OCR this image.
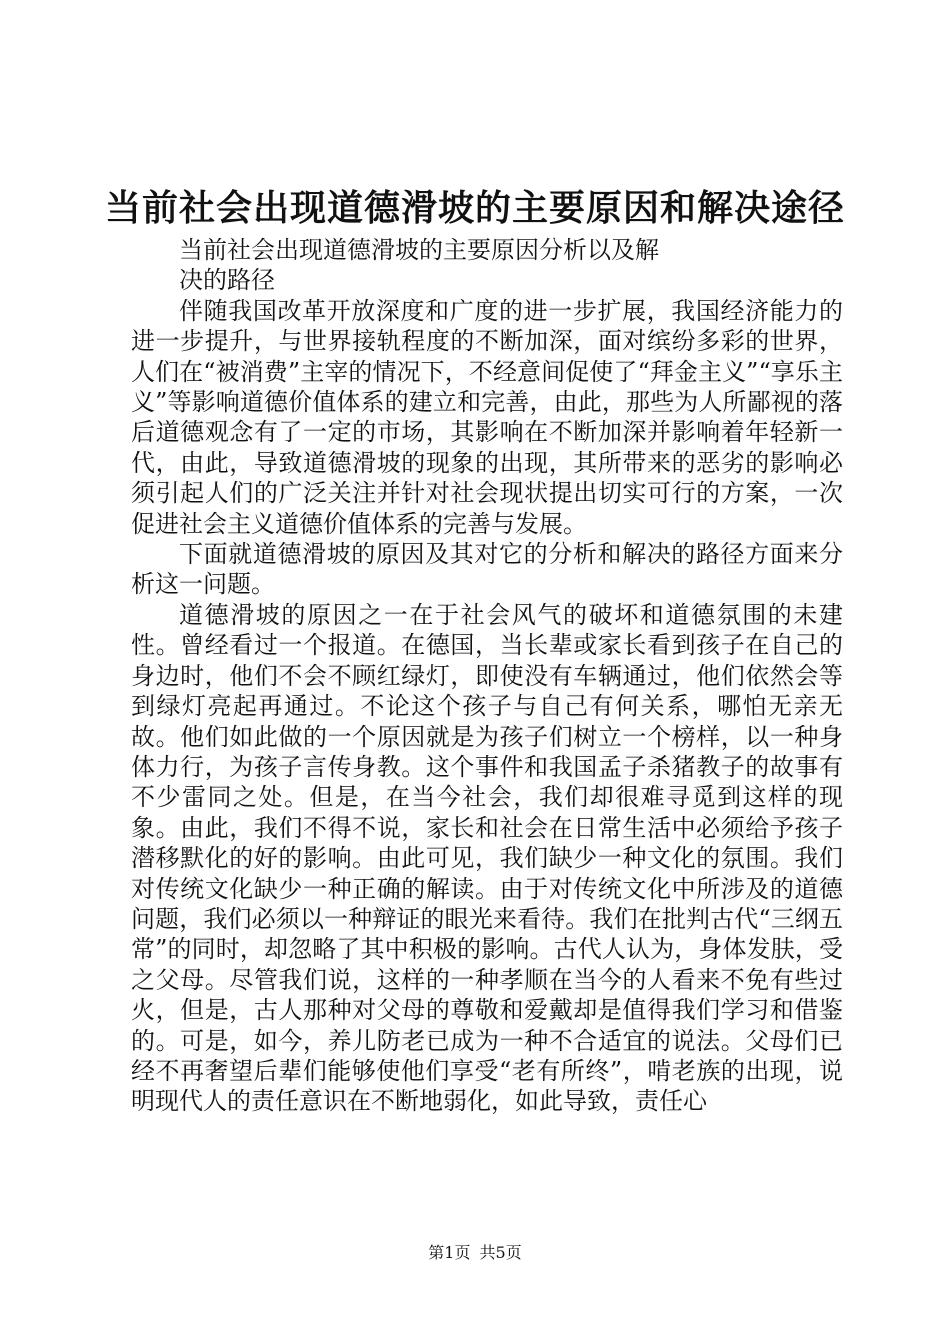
当前社会出现道德滑坡的主要原因和解决途径
当前社会出现道德滑坡的主要原因分析以及解决的路径

伴随我国改革开放深度和广度的进一步扩展，我国经济能力的进一步提升，与世界接轨程度的不断加深，面对缤纷多彩的世界，人们在“被消费”主宰的情况下，不经意间促使了“拜金主义”“享乐主义”等影响道德价值体系的建立和完善，由此，那些为人所鄙视的落后道德观念有了一定的市场，其影响在不断加深并影响着年轻新一代，由此，导致道德滑坡的现象的出现，其所带来的恶劣的影响必须引起人们的广泛关注并针对社会现状提出切实可行的方案，一次促进社会主义道德价值体系的完善与发展。

下面就道德滑坡的原因及其对它的分析和解决的路径方面来分析这一问题。

道德滑坡的原因之一在于社会风气的破坏和道德氛围的未建性。曾经看过一个报道。在德国，当长辈或家长看到孩子在自己的身边时，他们不会不顾红绿灯，即使没有车辆通过，他们依然会等到绿灯亮起再通过。不论这个孩子与自己有何关系，哪怕无亲无故。他们如此做的一个原因就是为孩子们树立一个榜样，以一种身体力行，为孩子言传身教。这个事件和我国孟子杀猪教子的故事有不少雷同之处。但是，在当今社会，我们却很难寻觅到这样的现象。由此，我们不得不说，家长和社会在日常生活中必须给予孩子潜移默化的好的影响。由此可见，我们缺少一种文化的氛围。我们对传统文化缺少一种正确的解读。由于对传统文化中所涉及的道德问题，我们必须以一种辩证的眼光来看待。我们在批判古代“三纲五常”的同时，却忽略了其中积极的影响。古代人认为，身体发肤，受之父母。尽管我们说，这样的一种孝顺在当今的人看来不免有些过火，但是，古人那种对父母的尊敬和爱戴却是值得我们学习和借鉴的。可是，如今，养儿防老已成为一种不合适宜的说法。父母们已经不再奢望后辈们能够使他们享受“老有所终”，啃老族的出现，说明现代人的责任意识在不断地弱化，如此导致，责任心

第1页 共5页
